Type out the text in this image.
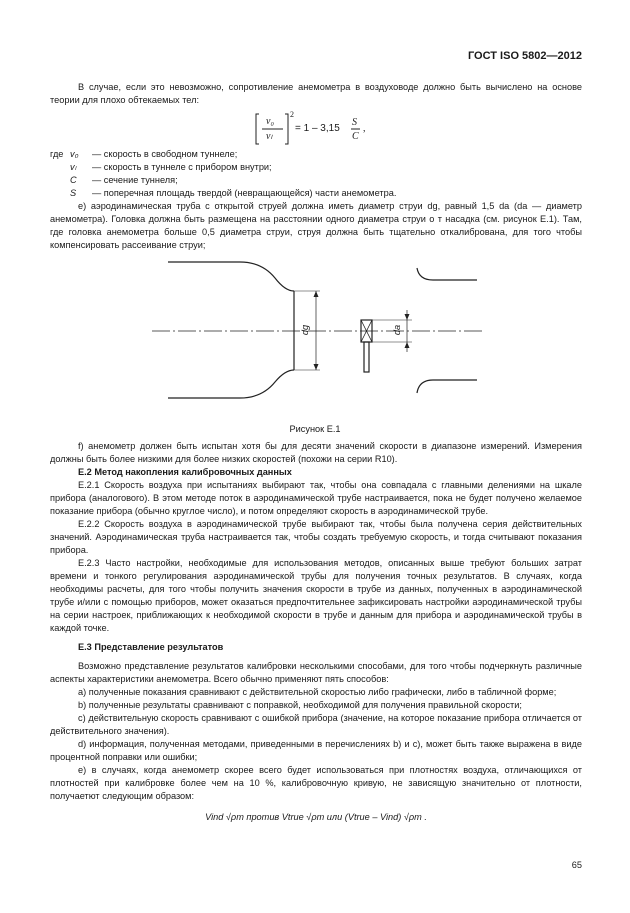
ГОСТ ISO 5802—2012

В случае, если это невозможно, сопротивление анемометра в воздуховоде должно быть вычислено на основе теории для плохо обтекаемых тел:

v₀
vₗ
2
= 1 – 3,15
S
C
,
где v₀	— скорость в свободном туннеле;
vₗ	— скорость в туннеле с прибором внутри;
C	— сечение туннеля;
S	— поперечная площадь твердой (невращающейся) части анемометра.

е) аэродинамическая труба с открытой струей должна иметь диаметр струи dg, равный 1,5 da (da — диаметр анемометра). Головка должна быть размещена на расстоянии одного диаметра струи о т насадка (см. рисунок Е.1). Там, где головка анемометра больше 0,5 диаметра струи, струя должна быть тщательно откалибрована, для того чтобы компенсировать рассеивание струи;

dg	da
Рисунок Е.1

f) анемометр должен быть испытан хотя бы для десяти значений скорости в диапазоне измерений. Измерения должны быть более низкими для более низких скоростей (похожи на серии R10).

Е.2 Метод накопления калибровочных данных

Е.2.1 Скорость воздуха при испытаниях выбирают так, чтобы она совпадала с главными делениями на шкале прибора (аналогового). В этом методе поток в аэродинамической трубе настраивается, пока не будет получено желаемое показание прибора (обычно круглое число), и потом определяют скорость в аэродинамической трубе.

Е.2.2 Скорость воздуха в аэродинамической трубе выбирают так, чтобы была получена серия действительных значений. Аэродинамическая труба настраивается так, чтобы создать требуемую скорость, и тогда считывают показания прибора.

Е.2.3 Часто настройки, необходимые для использования методов, описанных выше требуют больших затрат времени и тонкого регулирования аэродинамической трубы для получения точных результатов. В случаях, когда необходимы расчеты, для того чтобы получить значения скорости в трубе из данных, полученных в аэродинамической трубе и/или с помощью приборов, может оказаться предпочтительнее зафиксировать настройки аэродинамической трубы на серии настроек, приближающих к необходимой скорости в трубе и данным для прибора и аэродинамической трубы в каждой точке.

Е.3 Представление результатов

Возможно представление результатов калибровки несколькими способами, для того чтобы подчеркнуть различные аспекты характеристики анемометра. Всего обычно применяют пять способов:

а) полученные показания сравнивают с действительной скоростью либо графически, либо в табличной форме;

b) полученные результаты сравнивают с поправкой, необходимой для получения правильной скорости;

с) действительную скорость сравнивают с ошибкой прибора (значение, на которое показание прибора отличается от действительного значения).

d) информация, полученная методами, приведенными в перечислениях b) и с), может быть также выражена в виде процентной поправки или ошибки;

е) в случаях, когда анемометр скорее всего будет использоваться при плотностях воздуха, отличающихся от плотностей при калибровке более чем на 10 %, калибровочную кривую, не зависящую значительно от плотности, получаетют следующим образом:

Vind √ρm против Vtrue √ρm или (Vtrue – Vind) √ρm .

65
